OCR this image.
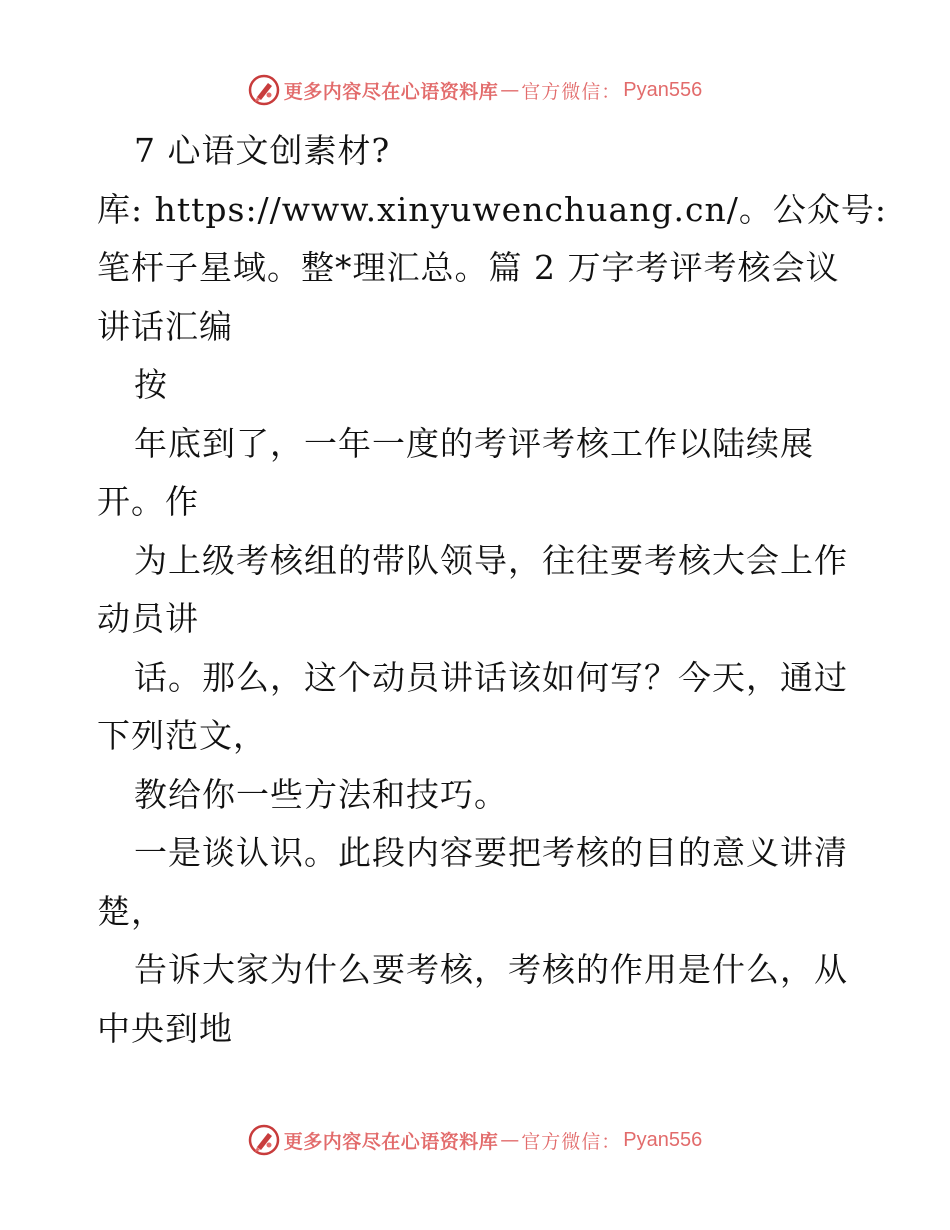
更多内容尽在心语资料库 — 官方微信： Pyan556
7 心语文创素材?
库: https://www.xinyuwenchuang.cn/。公众号:
笔杆子星域。整*理汇总。篇 2 万字考评考核会议
讲话汇编
按
年底到了，一年一度的考评考核工作以陆续展
开。作
为上级考核组的带队领导，往往要考核大会上作
动员讲
话。那么，这个动员讲话该如何写？今天，通过
下列范文，
教给你一些方法和技巧。
一是谈认识。此段内容要把考核的目的意义讲清
楚，
告诉大家为什么要考核，考核的作用是什么，从
中央到地
更多内容尽在心语资料库 — 官方微信： Pyan556
